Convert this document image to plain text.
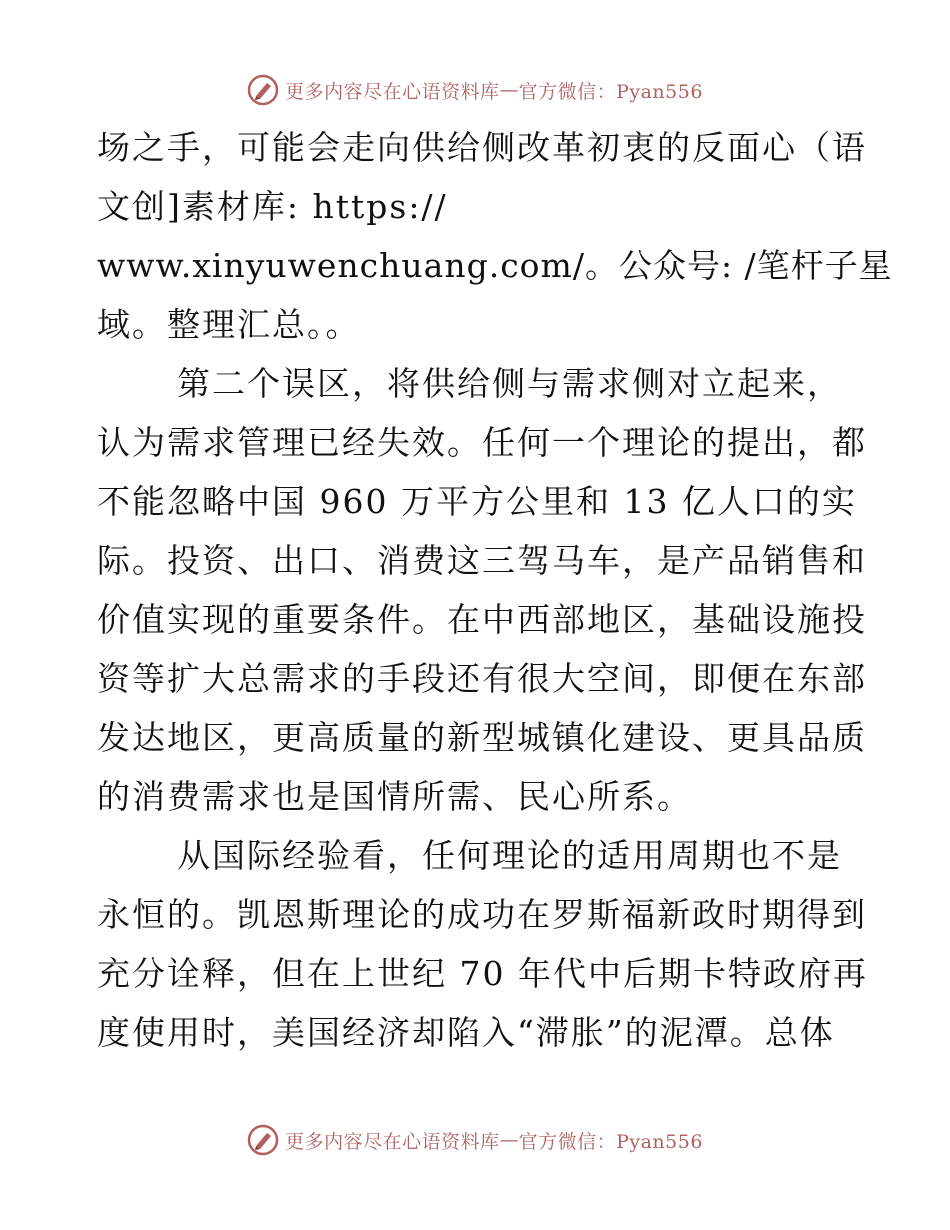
更多内容尽在心语资料库 — 官方微信：Pyan556
场之手，可能会走向供给侧改革初衷的反面心（语
文创]素材库: https://
www.xinyuwenchuang.com/。公众号: /笔杆子星
域。整理汇总。。
第二个误区，将供给侧与需求侧对立起来，
认为需求管理已经失效。任何一个理论的提出，都
不能忽略中国 960 万平方公里和 13 亿人口的实
际。投资、出口、消费这三驾马车，是产品销售和
价值实现的重要条件。在中西部地区，基础设施投
资等扩大总需求的手段还有很大空间，即便在东部
发达地区，更高质量的新型城镇化建设、更具品质
的消费需求也是国情所需、民心所系。
从国际经验看，任何理论的适用周期也不是
永恒的。凯恩斯理论的成功在罗斯福新政时期得到
充分诠释，但在上世纪 70 年代中后期卡特政府再
度使用时，美国经济却陷入“滞胀”的泥潭。总体
更多内容尽在心语资料库 — 官方微信：Pyan556
